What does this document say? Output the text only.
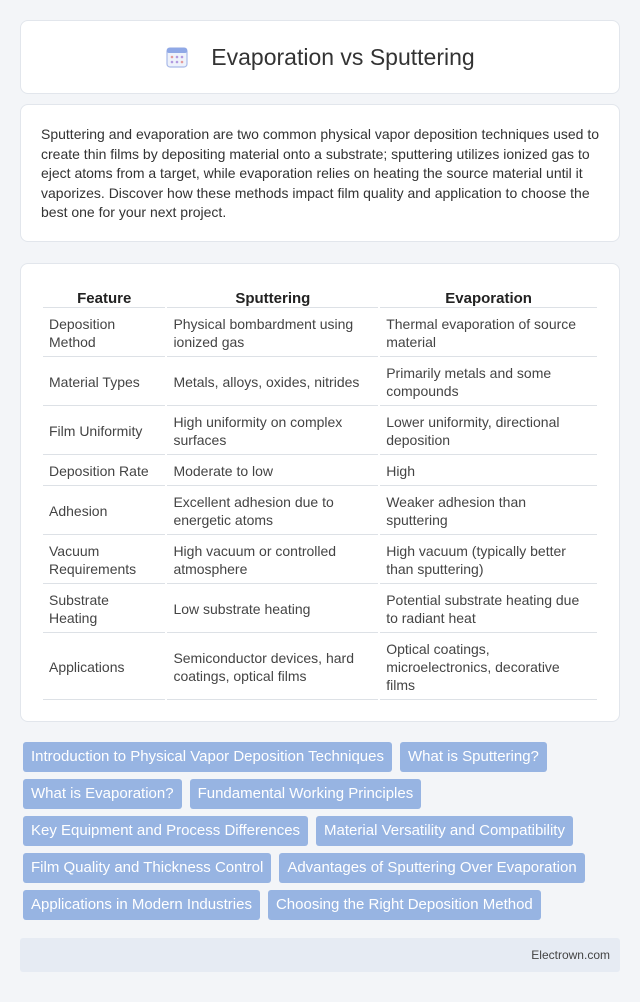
Evaporation vs Sputtering

Sputtering and evaporation are two common physical vapor deposition techniques used to create thin films by depositing material onto a substrate; sputtering utilizes ionized gas to eject atoms from a target, while evaporation relies on heating the source material until it vaporizes. Discover how these methods impact film quality and application to choose the best one for your next project.

Feature	Sputtering	Evaporation
Deposition Method	Physical bombardment using ionized gas	Thermal evaporation of source material
Material Types	Metals, alloys, oxides, nitrides	Primarily metals and some compounds
Film Uniformity	High uniformity on complex surfaces	Lower uniformity, directional deposition
Deposition Rate	Moderate to low	High
Adhesion	Excellent adhesion due to energetic atoms	Weaker adhesion than sputtering
Vacuum Requirements	High vacuum or controlled atmosphere	High vacuum (typically better than sputtering)
Substrate Heating	Low substrate heating	Potential substrate heating due to radiant heat
Applications	Semiconductor devices, hard coatings, optical films	Optical coatings, microelectronics, decorative films
Introduction to Physical Vapor Deposition Techniques	What is Sputtering?
What is Evaporation?	Fundamental Working Principles
Key Equipment and Process Differences	Material Versatility and Compatibility
Film Quality and Thickness Control	Advantages of Sputtering Over Evaporation
Applications in Modern Industries	Choosing the Right Deposition Method
Electrown.com
